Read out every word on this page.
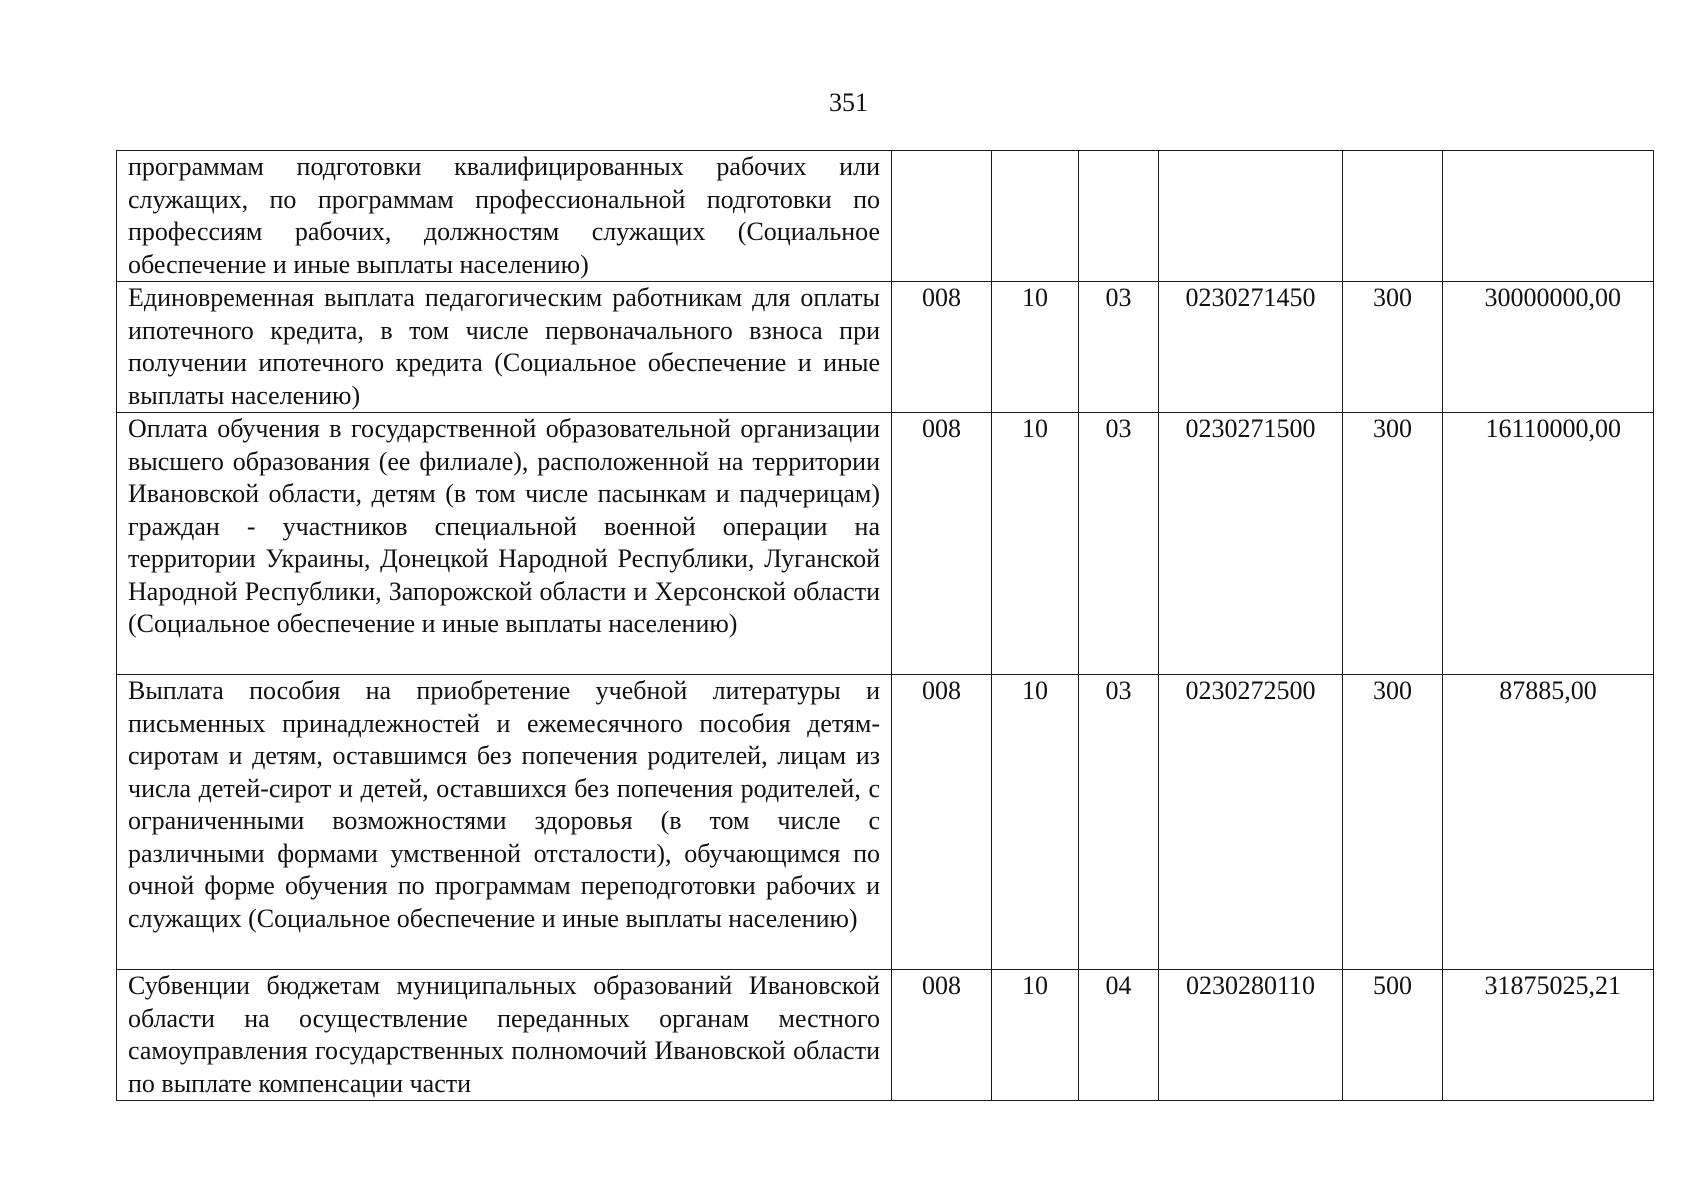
351
программам подготовки квалифицированных рабочих или служащих, по программам профессиональной подготовки по профессиям рабочих, должностям служащих (Социальное обеспечение и иные выплаты населению)						
Единовременная выплата педагогическим работникам для оплаты ипотечного кредита, в том числе первоначального взноса при получении ипотечного кредита (Социальное обеспечение и иные выплаты населению)	008	10	03	0230271450	300	30000000,00
Оплата обучения в государственной образовательной организации высшего образования (ее филиале), расположенной на территории Ивановской области, детям (в том числе пасынкам и падчерицам) граждан - участников специальной военной операции на территории Украины, Донецкой Народной Республики, Луганской Народной Республики, Запорожской области и Херсонской области (Социальное обеспечение и иные выплаты населению)	008	10	03	0230271500	300	16110000,00
Выплата пособия на приобретение учебной литературы и письменных принадлежностей и ежемесячного пособия детям-сиротам и детям, оставшимся без попечения родителей, лицам из числа детей-сирот и детей, оставшихся без попечения родителей, с ограниченными возможностями здоровья (в том числе с различными формами умственной отсталости), обучающимся по очной форме обучения по программам переподготовки рабочих и служащих (Социальное обеспечение и иные выплаты населению)	008	10	03	0230272500	300	87885,00
Субвенции бюджетам муниципальных образований Ивановской области на осуществление переданных органам местного самоуправления государственных полномочий Ивановской области по выплате компенсации части	008	10	04	0230280110	500	31875025,21
